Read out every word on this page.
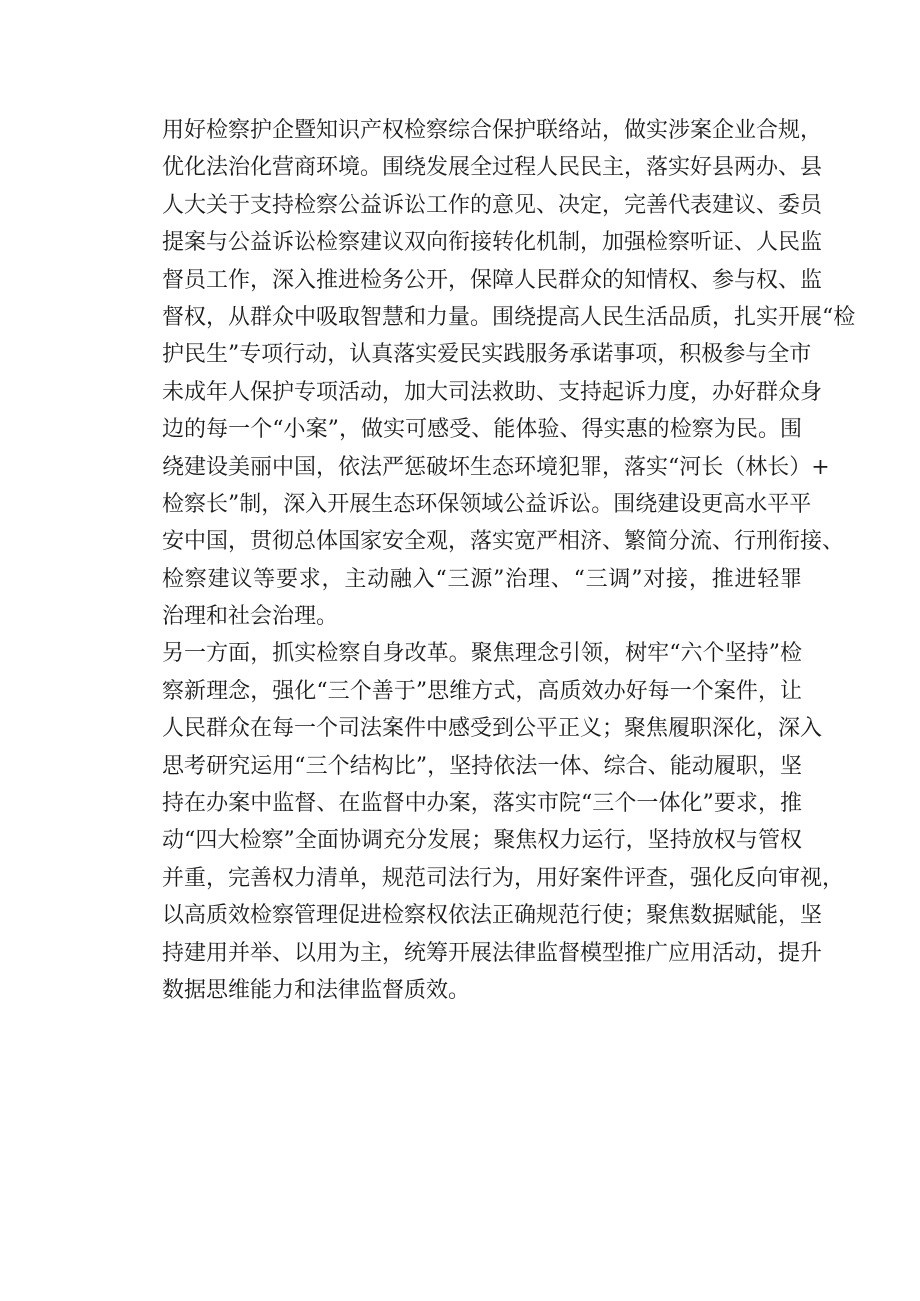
用好检察护企暨知识产权检察综合保护联络站，做实涉案企业合规，
优化法治化营商环境。围绕发展全过程人民民主，落实好县两办、县
人大关于支持检察公益诉讼工作的意见、决定，完善代表建议、委员
提案与公益诉讼检察建议双向衔接转化机制，加强检察听证、人民监
督员工作，深入推进检务公开，保障人民群众的知情权、参与权、监
督权，从群众中吸取智慧和力量。围绕提高人民生活品质，扎实开展“检
护民生”专项行动，认真落实爱民实践服务承诺事项，积极参与全市
未成年人保护专项活动，加大司法救助、支持起诉力度，办好群众身
边的每一个“小案”，做实可感受、能体验、得实惠的检察为民。围
绕建设美丽中国，依法严惩破坏生态环境犯罪，落实“河长（林长）+
检察长”制，深入开展生态环保领域公益诉讼。围绕建设更高水平平
安中国，贯彻总体国家安全观，落实宽严相济、繁简分流、行刑衔接、
检察建议等要求，主动融入“三源”治理、“三调”对接，推进轻罪
治理和社会治理。
另一方面，抓实检察自身改革。聚焦理念引领，树牢“六个坚持”检
察新理念，强化“三个善于”思维方式，高质效办好每一个案件，让
人民群众在每一个司法案件中感受到公平正义；聚焦履职深化，深入
思考研究运用“三个结构比”，坚持依法一体、综合、能动履职，坚
持在办案中监督、在监督中办案，落实市院“三个一体化”要求，推
动“四大检察”全面协调充分发展；聚焦权力运行，坚持放权与管权
并重，完善权力清单，规范司法行为，用好案件评查，强化反向审视，
以高质效检察管理促进检察权依法正确规范行使；聚焦数据赋能，坚
持建用并举、以用为主，统筹开展法律监督模型推广应用活动，提升
数据思维能力和法律监督质效。
